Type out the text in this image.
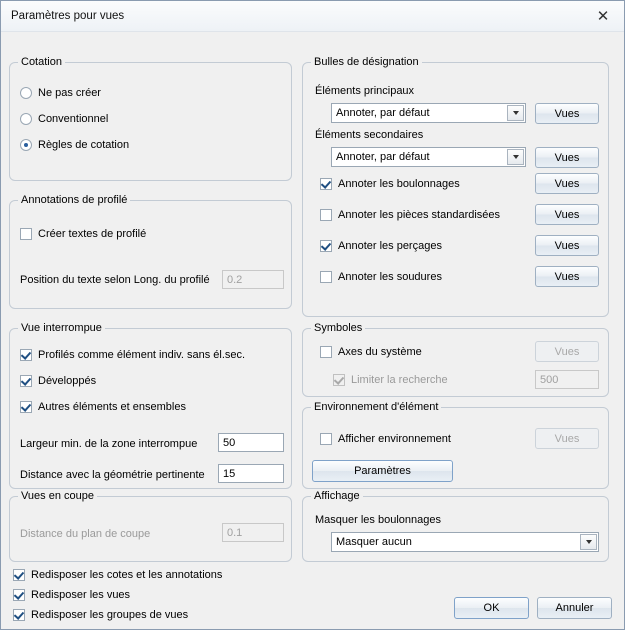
Paramètres pour vues	✕
Cotation
Ne pas créer
Conventionnel
Règles de cotation
Annotations de profilé
Créer textes de profilé
Position du texte selon Long. du profilé	0.2
Vue interrompue
Profilés comme élément indiv. sans él.sec.
Développés
Autres éléments et ensembles
Largeur min. de la zone interrompue	50
Distance avec la géométrie pertinente	15
Vues en coupe
Distance du plan de coupe	0.1
Bulles de désignation
Éléments principaux
Annoter, par défaut	Vues
Éléments secondaires
Annoter, par défaut	Vues
Annoter les boulonnages	Vues
Annoter les pièces standardisées	Vues
Annoter les perçages	Vues
Annoter les soudures	Vues
Symboles
Axes du système	Vues
Limiter la recherche	500
Environnement d'élément
Afficher environnement	Vues
Paramètres
Affichage
Masquer les boulonnages
Masquer aucun
Redisposer les cotes et les annotations
Redisposer les vues
Redisposer les groupes de vues
OK	Annuler
